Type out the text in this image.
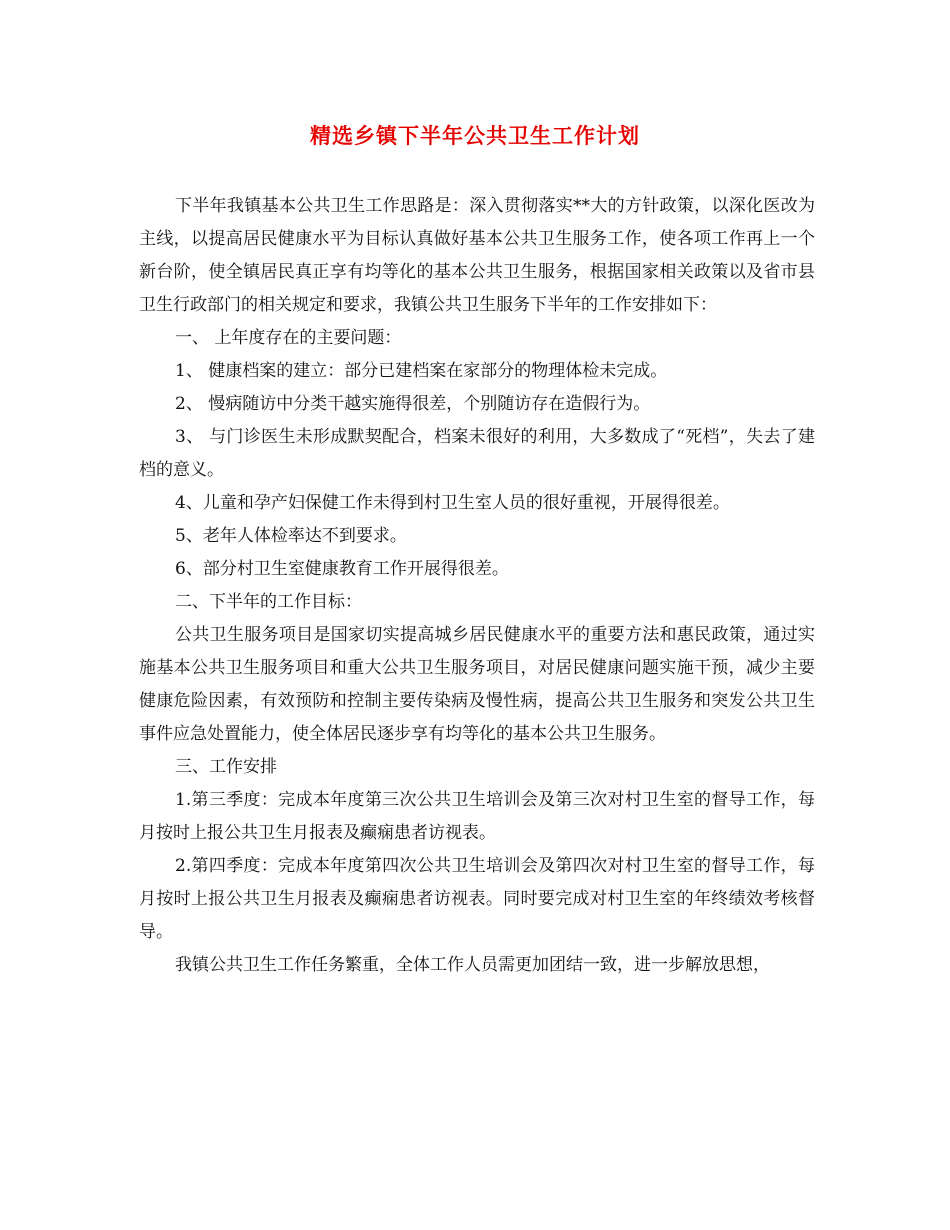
精选乡镇下半年公共卫生工作计划

下半年我镇基本公共卫生工作思路是：深入贯彻落实**大的方针政策，以深化医改为主线，以提高居民健康水平为目标认真做好基本公共卫生服务工作，使各项工作再上一个新台阶，使全镇居民真正享有均等化的基本公共卫生服务，根据国家相关政策以及省市县卫生行政部门的相关规定和要求，我镇公共卫生服务下半年的工作安排如下：

一、 上年度存在的主要问题：

1、 健康档案的建立：部分已建档案在家部分的物理体检未完成。

2、 慢病随访中分类干越实施得很差，个别随访存在造假行为。

3、 与门诊医生未形成默契配合，档案未很好的利用，大多数成了“死档”，失去了建档的意义。

4、儿童和孕产妇保健工作未得到村卫生室人员的很好重视，开展得很差。

5、老年人体检率达不到要求。

6、部分村卫生室健康教育工作开展得很差。

二、下半年的工作目标：

公共卫生服务项目是国家切实提高城乡居民健康水平的重要方法和惠民政策，通过实施基本公共卫生服务项目和重大公共卫生服务项目，对居民健康问题实施干预，减少主要健康危险因素，有效预防和控制主要传染病及慢性病，提高公共卫生服务和突发公共卫生事件应急处置能力，使全体居民逐步享有均等化的基本公共卫生服务。

三、工作安排

1.第三季度：完成本年度第三次公共卫生培训会及第三次对村卫生室的督导工作，每月按时上报公共卫生月报表及癫痫患者访视表。

2.第四季度：完成本年度第四次公共卫生培训会及第四次对村卫生室的督导工作，每月按时上报公共卫生月报表及癫痫患者访视表。同时要完成对村卫生室的年终绩效考核督导。

我镇公共卫生工作任务繁重，全体工作人员需更加团结一致，进一步解放思想，
